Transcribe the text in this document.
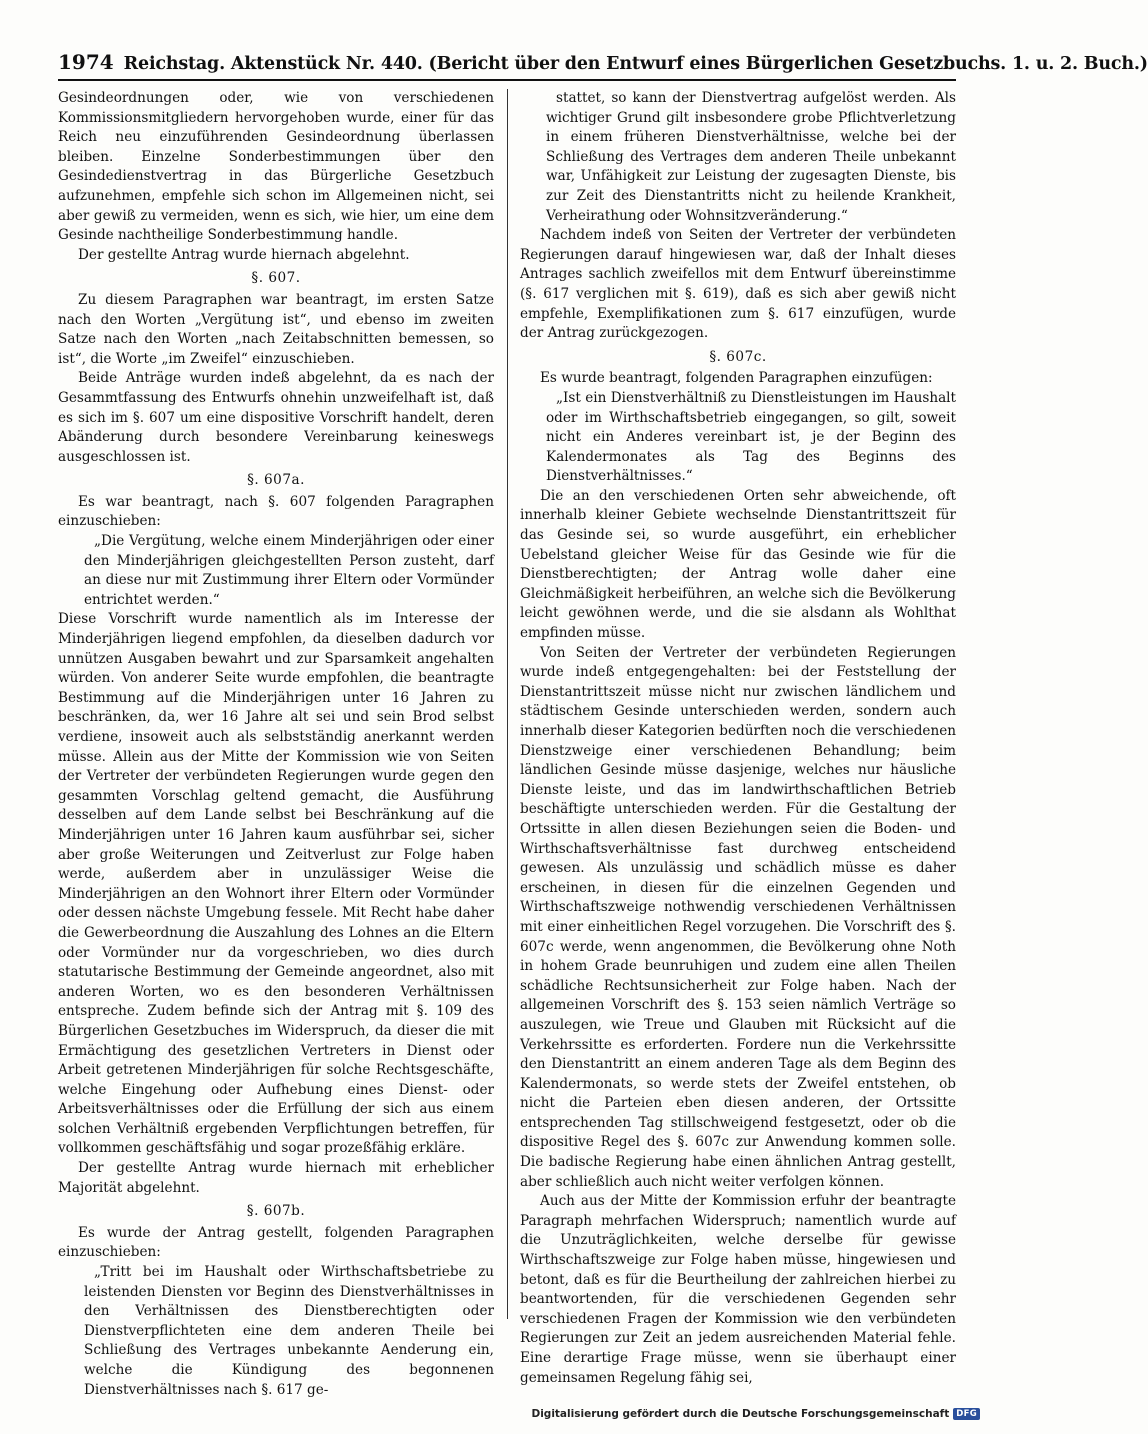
1974 Reichstag. Aktenstück Nr. 440. (Bericht über den Entwurf eines Bürgerlichen Gesetzbuchs. 1. u. 2. Buch.)

Gesindeordnungen oder, wie von verschiedenen Kommissionsmitgliedern hervorgehoben wurde, einer für das Reich neu einzuführenden Gesindeordnung überlassen bleiben. Einzelne Sonderbestimmungen über den Gesindedienstvertrag in das Bürgerliche Gesetzbuch aufzunehmen, empfehle sich schon im Allgemeinen nicht, sei aber gewiß zu vermeiden, wenn es sich, wie hier, um eine dem Gesinde nachtheilige Sonderbestimmung handle.

Der gestellte Antrag wurde hiernach abgelehnt.

§. 607.

Zu diesem Paragraphen war beantragt, im ersten Satze nach den Worten „Vergütung ist“, und ebenso im zweiten Satze nach den Worten „nach Zeitabschnitten bemessen, so ist“, die Worte „im Zweifel“ einzuschieben.

Beide Anträge wurden indeß abgelehnt, da es nach der Gesammtfassung des Entwurfs ohnehin unzweifelhaft ist, daß es sich im §. 607 um eine dispositive Vorschrift handelt, deren Abänderung durch besondere Vereinbarung keineswegs ausgeschlossen ist.

§. 607a.

Es war beantragt, nach §. 607 folgenden Paragraphen einzuschieben:

„Die Vergütung, welche einem Minderjährigen oder einer den Minderjährigen gleichgestellten Person zusteht, darf an diese nur mit Zustimmung ihrer Eltern oder Vormünder entrichtet werden.“

Diese Vorschrift wurde namentlich als im Interesse der Minderjährigen liegend empfohlen, da dieselben dadurch vor unnützen Ausgaben bewahrt und zur Sparsamkeit angehalten würden. Von anderer Seite wurde empfohlen, die beantragte Bestimmung auf die Minderjährigen unter 16 Jahren zu beschränken, da, wer 16 Jahre alt sei und sein Brod selbst verdiene, insoweit auch als selbstständig anerkannt werden müsse. Allein aus der Mitte der Kommission wie von Seiten der Vertreter der verbündeten Regierungen wurde gegen den gesammten Vorschlag geltend gemacht, die Ausführung desselben auf dem Lande selbst bei Beschränkung auf die Minderjährigen unter 16 Jahren kaum ausführbar sei, sicher aber große Weiterungen und Zeitverlust zur Folge haben werde, außerdem aber in unzulässiger Weise die Minderjährigen an den Wohnort ihrer Eltern oder Vormünder oder dessen nächste Umgebung fessele. Mit Recht habe daher die Gewerbeordnung die Auszahlung des Lohnes an die Eltern oder Vormünder nur da vorgeschrieben, wo dies durch statutarische Bestimmung der Gemeinde angeordnet, also mit anderen Worten, wo es den besonderen Verhältnissen entspreche. Zudem befinde sich der Antrag mit §. 109 des Bürgerlichen Gesetzbuches im Widerspruch, da dieser die mit Ermächtigung des gesetzlichen Vertreters in Dienst oder Arbeit getretenen Minderjährigen für solche Rechtsgeschäfte, welche Eingehung oder Aufhebung eines Dienst- oder Arbeitsverhältnisses oder die Erfüllung der sich aus einem solchen Verhältniß ergebenden Verpflichtungen betreffen, für vollkommen geschäftsfähig und sogar prozeßfähig erkläre.

Der gestellte Antrag wurde hiernach mit erheblicher Majorität abgelehnt.

§. 607b.

Es wurde der Antrag gestellt, folgenden Paragraphen einzuschieben:

„Tritt bei im Haushalt oder Wirthschaftsbetriebe zu leistenden Diensten vor Beginn des Dienstverhältnisses in den Verhältnissen des Dienstberechtigten oder Dienstverpflichteten eine dem anderen Theile bei Schließung des Vertrages unbekannte Aenderung ein, welche die Kündigung des begonnenen Dienstverhältnisses nach §. 617 ge-

stattet, so kann der Dienstvertrag aufgelöst werden. Als wichtiger Grund gilt insbesondere grobe Pflichtverletzung in einem früheren Dienstverhältnisse, welche bei der Schließung des Vertrages dem anderen Theile unbekannt war, Unfähigkeit zur Leistung der zugesagten Dienste, bis zur Zeit des Dienstantritts nicht zu heilende Krankheit, Verheirathung oder Wohnsitzveränderung.“

Nachdem indeß von Seiten der Vertreter der verbündeten Regierungen darauf hingewiesen war, daß der Inhalt dieses Antrages sachlich zweifellos mit dem Entwurf übereinstimme (§. 617 verglichen mit §. 619), daß es sich aber gewiß nicht empfehle, Exemplifikationen zum §. 617 einzufügen, wurde der Antrag zurückgezogen.

§. 607c.

Es wurde beantragt, folgenden Paragraphen einzufügen:

„Ist ein Dienstverhältniß zu Dienstleistungen im Haushalt oder im Wirthschaftsbetrieb eingegangen, so gilt, soweit nicht ein Anderes vereinbart ist, je der Beginn des Kalendermonates als Tag des Beginns des Dienstverhältnisses.“

Die an den verschiedenen Orten sehr abweichende, oft innerhalb kleiner Gebiete wechselnde Dienstantrittszeit für das Gesinde sei, so wurde ausgeführt, ein erheblicher Uebelstand gleicher Weise für das Gesinde wie für die Dienstberechtigten; der Antrag wolle daher eine Gleichmäßigkeit herbeiführen, an welche sich die Bevölkerung leicht gewöhnen werde, und die sie alsdann als Wohlthat empfinden müsse.

Von Seiten der Vertreter der verbündeten Regierungen wurde indeß entgegengehalten: bei der Feststellung der Dienstantrittszeit müsse nicht nur zwischen ländlichem und städtischem Gesinde unterschieden werden, sondern auch innerhalb dieser Kategorien bedürften noch die verschiedenen Dienstzweige einer verschiedenen Behandlung; beim ländlichen Gesinde müsse dasjenige, welches nur häusliche Dienste leiste, und das im landwirthschaftlichen Betrieb beschäftigte unterschieden werden. Für die Gestaltung der Ortssitte in allen diesen Beziehungen seien die Boden- und Wirthschaftsverhältnisse fast durchweg entscheidend gewesen. Als unzulässig und schädlich müsse es daher erscheinen, in diesen für die einzelnen Gegenden und Wirthschaftszweige nothwendig verschiedenen Verhältnissen mit einer einheitlichen Regel vorzugehen. Die Vorschrift des §. 607c werde, wenn angenommen, die Bevölkerung ohne Noth in hohem Grade beunruhigen und zudem eine allen Theilen schädliche Rechtsunsicherheit zur Folge haben. Nach der allgemeinen Vorschrift des §. 153 seien nämlich Verträge so auszulegen, wie Treue und Glauben mit Rücksicht auf die Verkehrssitte es erforderten. Fordere nun die Verkehrssitte den Dienstantritt an einem anderen Tage als dem Beginn des Kalendermonats, so werde stets der Zweifel entstehen, ob nicht die Parteien eben diesen anderen, der Ortssitte entsprechenden Tag stillschweigend festgesetzt, oder ob die dispositive Regel des §. 607c zur Anwendung kommen solle. Die badische Regierung habe einen ähnlichen Antrag gestellt, aber schließlich auch nicht weiter verfolgen können.

Auch aus der Mitte der Kommission erfuhr der beantragte Paragraph mehrfachen Widerspruch; namentlich wurde auf die Unzuträglichkeiten, welche derselbe für gewisse Wirthschaftszweige zur Folge haben müsse, hingewiesen und betont, daß es für die Beurtheilung der zahlreichen hierbei zu beantwortenden, für die verschiedenen Gegenden sehr verschiedenen Fragen der Kommission wie den verbündeten Regierungen zur Zeit an jedem ausreichenden Material fehle. Eine derartige Frage müsse, wenn sie überhaupt einer gemeinsamen Regelung fähig sei,

Digitalisierung gefördert durch die Deutsche Forschungsgemeinschaft DFG
